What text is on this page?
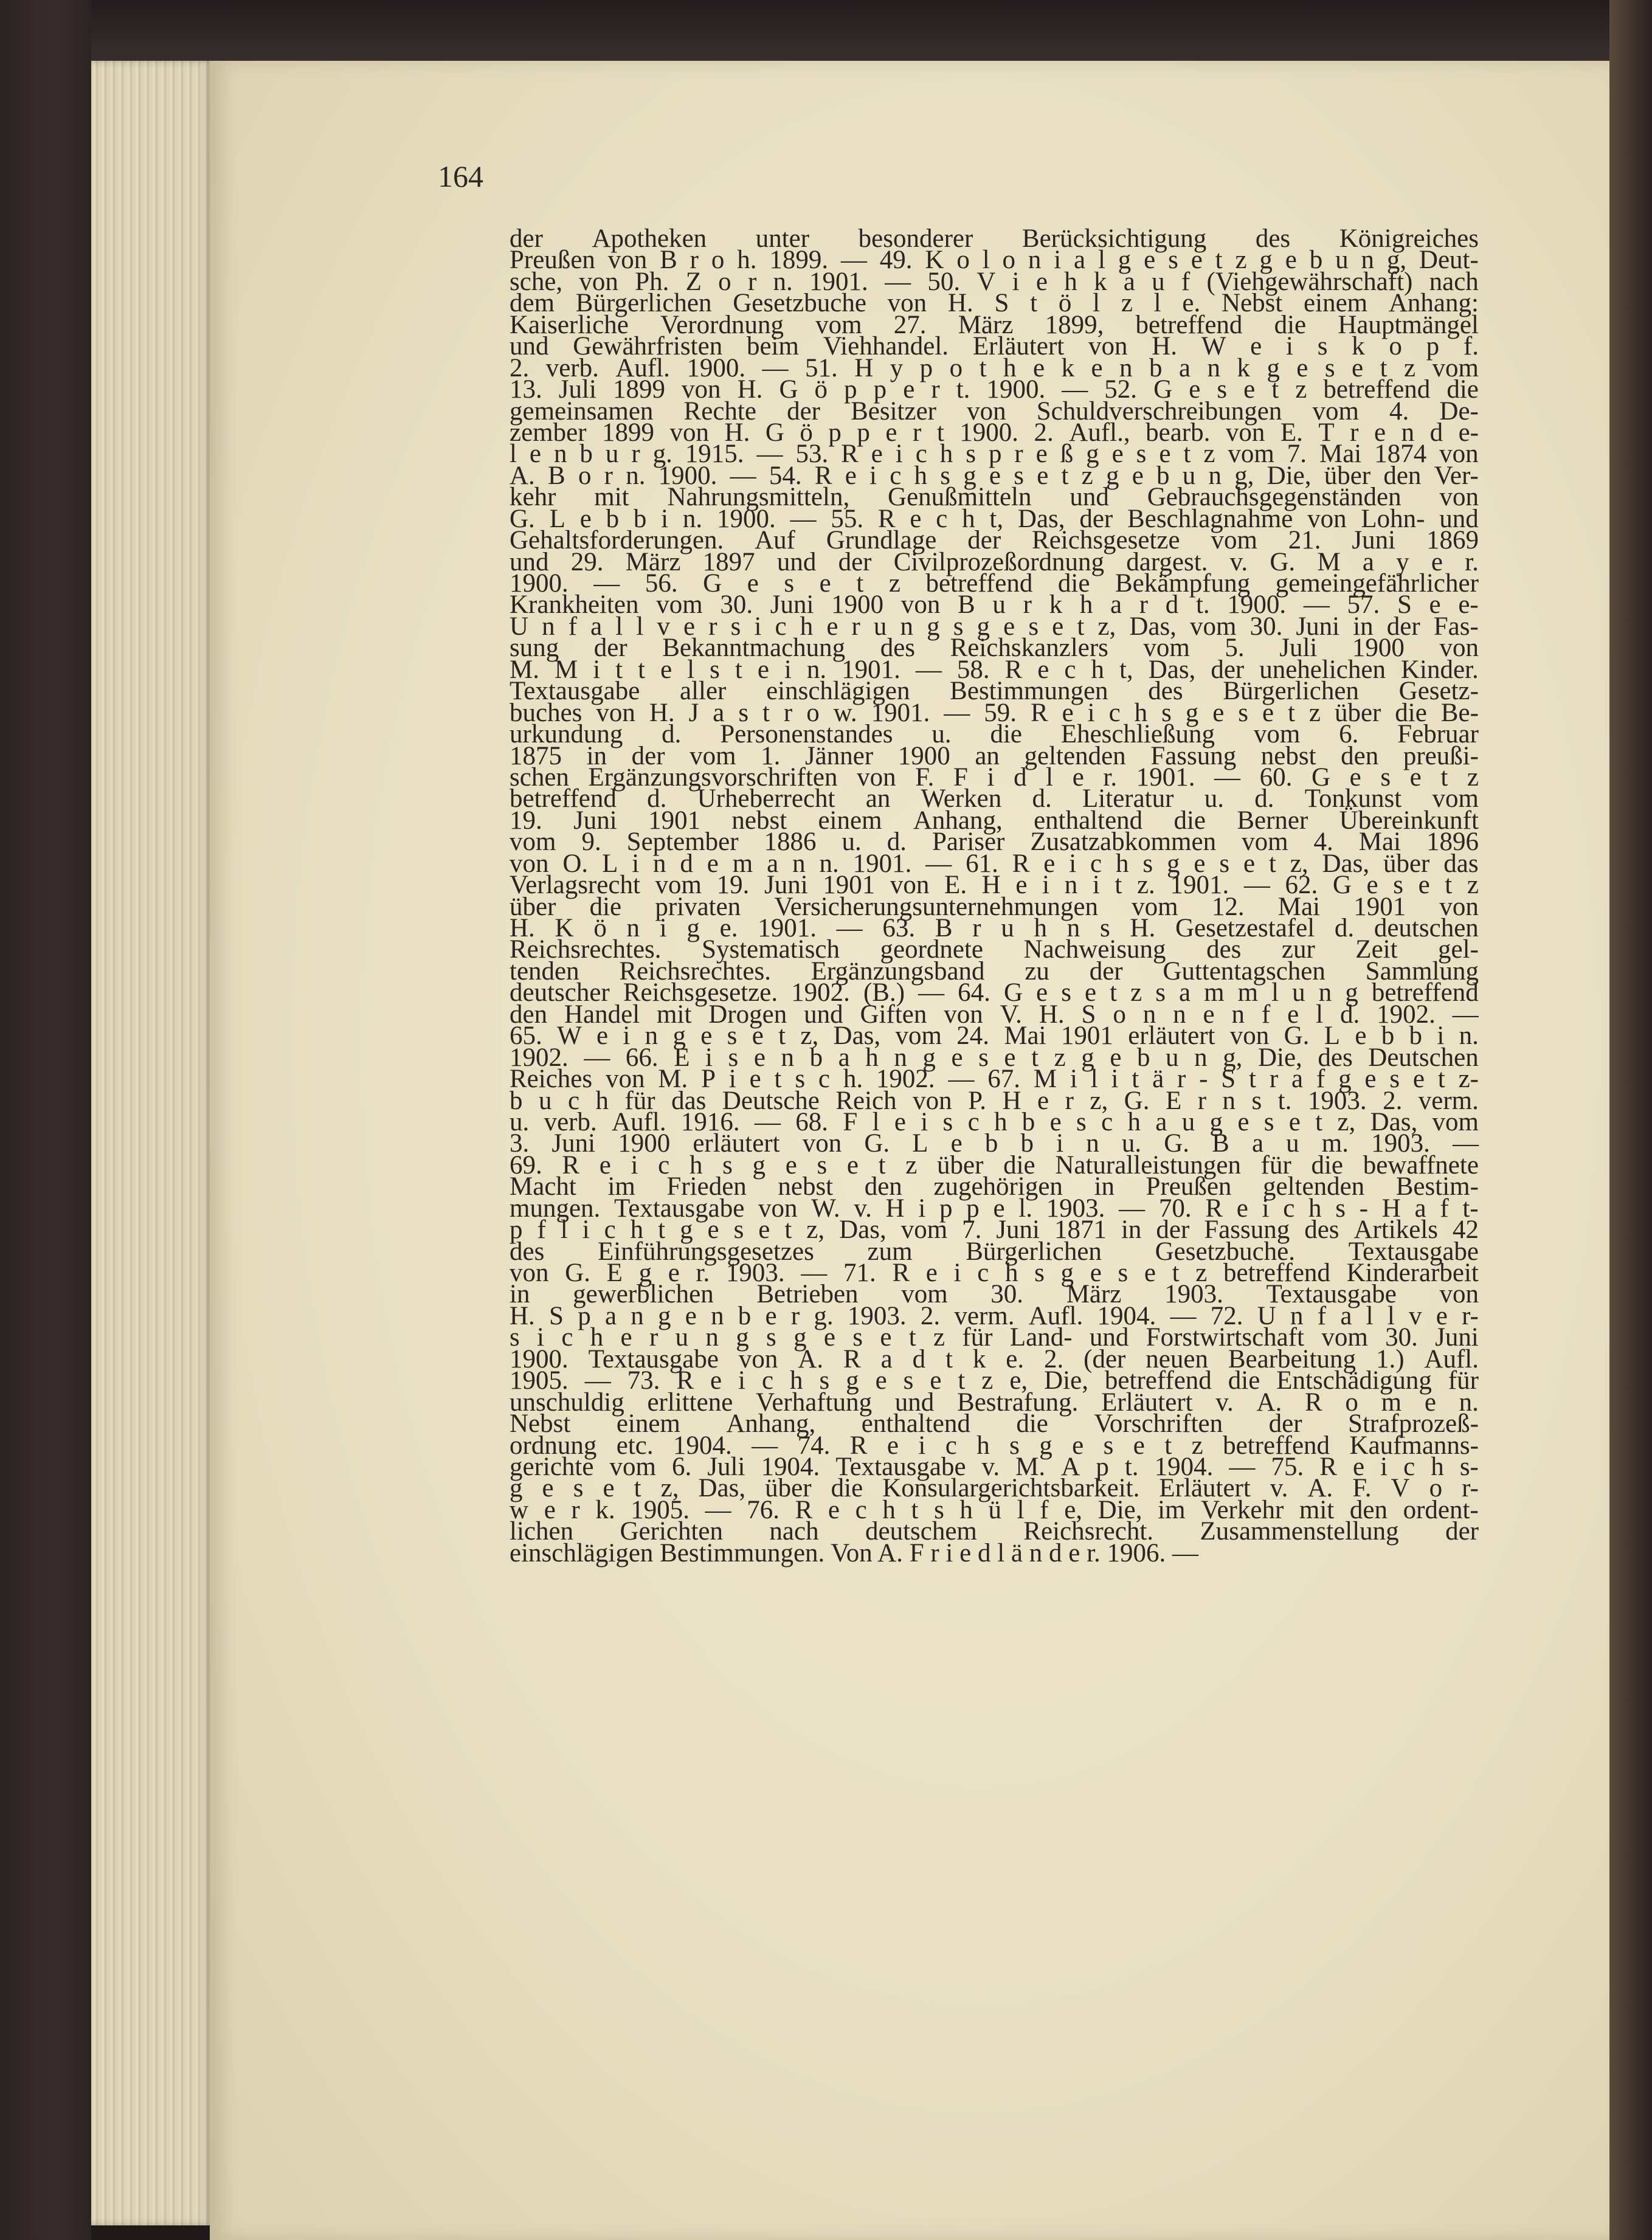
164
der Apotheken unter besonderer Berücksichtigung des Königreiches
Preußen von B r o h. 1899. — 49. K o l o n i a l g e s e t z g e b u n g, Deut-
sche, von Ph. Z o r n. 1901. — 50. V i e h k a u f (Viehgewährschaft) nach
dem Bürgerlichen Gesetzbuche von H. S t ö l z l e. Nebst einem Anhang:
Kaiserliche Verordnung vom 27. März 1899, betreffend die Hauptmängel
und Gewährfristen beim Viehhandel. Erläutert von H. W e i s k o p f.
2. verb. Aufl. 1900. — 51. H y p o t h e k e n b a n k g e s e t z vom
13. Juli 1899 von H. G ö p p e r t. 1900. — 52. G e s e t z betreffend die
gemeinsamen Rechte der Besitzer von Schuldverschreibungen vom 4. De-
zember 1899 von H. G ö p p e r t 1900. 2. Aufl., bearb. von E. T r e n d e-
l e n b u r g. 1915. — 53. R e i c h s p r e ß g e s e t z vom 7. Mai 1874 von
A. B o r n. 1900. — 54. R e i c h s g e s e t z g e b u n g, Die, über den Ver-
kehr mit Nahrungsmitteln, Genußmitteln und Gebrauchsgegenständen von
G. L e b b i n. 1900. — 55. R e c h t, Das, der Beschlagnahme von Lohn- und
Gehaltsforderungen. Auf Grundlage der Reichsgesetze vom 21. Juni 1869
und 29. März 1897 und der Civilprozeßordnung dargest. v. G. M a y e r.
1900. — 56. G e s e t z betreffend die Bekämpfung gemeingefährlicher
Krankheiten vom 30. Juni 1900 von B u r k h a r d t. 1900. — 57. S e e-
U n f a l l v e r s i c h e r u n g s g e s e t z, Das, vom 30. Juni in der Fas-
sung der Bekanntmachung des Reichskanzlers vom 5. Juli 1900 von
M. M i t t e l s t e i n. 1901. — 58. R e c h t, Das, der unehelichen Kinder.
Textausgabe aller einschlägigen Bestimmungen des Bürgerlichen Gesetz-
buches von H. J a s t r o w. 1901. — 59. R e i c h s g e s e t z über die Be-
urkundung d. Personenstandes u. die Eheschließung vom 6. Februar
1875 in der vom 1. Jänner 1900 an geltenden Fassung nebst den preußi-
schen Ergänzungsvorschriften von F. F i d l e r. 1901. — 60. G e s e t z
betreffend d. Urheberrecht an Werken d. Literatur u. d. Tonkunst vom
19. Juni 1901 nebst einem Anhang, enthaltend die Berner Übereinkunft
vom 9. September 1886 u. d. Pariser Zusatzabkommen vom 4. Mai 1896
von O. L i n d e m a n n. 1901. — 61. R e i c h s g e s e t z, Das, über das
Verlagsrecht vom 19. Juni 1901 von E. H e i n i t z. 1901. — 62. G e s e t z
über die privaten Versicherungsunternehmungen vom 12. Mai 1901 von
H. K ö n i g e. 1901. — 63. B r u h n s H. Gesetzestafel d. deutschen
Reichsrechtes. Systematisch geordnete Nachweisung des zur Zeit gel-
tenden Reichsrechtes. Ergänzungsband zu der Guttentagschen Sammlung
deutscher Reichsgesetze. 1902. (B.) — 64. G e s e t z s a m m l u n g betreffend
den Handel mit Drogen und Giften von V. H. S o n n e n f e l d. 1902. —
65. W e i n g e s e t z, Das, vom 24. Mai 1901 erläutert von G. L e b b i n.
1902. — 66. E i s e n b a h n g e s e t z g e b u n g, Die, des Deutschen
Reiches von M. P i e t s c h. 1902. — 67. M i l i t ä r - S t r a f g e s e t z-
b u c h für das Deutsche Reich von P. H e r z, G. E r n s t. 1903. 2. verm.
u. verb. Aufl. 1916. — 68. F l e i s c h b e s c h a u g e s e t z, Das, vom
3. Juni 1900 erläutert von G. L e b b i n u. G. B a u m. 1903. —
69. R e i c h s g e s e t z über die Naturalleistungen für die bewaffnete
Macht im Frieden nebst den zugehörigen in Preußen geltenden Bestim-
mungen. Textausgabe von W. v. H i p p e l. 1903. — 70. R e i c h s - H a f t-
p f l i c h t g e s e t z, Das, vom 7. Juni 1871 in der Fassung des Artikels 42
des Einführungsgesetzes zum Bürgerlichen Gesetzbuche. Textausgabe
von G. E g e r. 1903. — 71. R e i c h s g e s e t z betreffend Kinderarbeit
in gewerblichen Betrieben vom 30. März 1903. Textausgabe von
H. S p a n g e n b e r g. 1903. 2. verm. Aufl. 1904. — 72. U n f a l l v e r-
s i c h e r u n g s g e s e t z für Land- und Forstwirtschaft vom 30. Juni
1900. Textausgabe von A. R a d t k e. 2. (der neuen Bearbeitung 1.) Aufl.
1905. — 73. R e i c h s g e s e t z e, Die, betreffend die Entschädigung für
unschuldig erlittene Verhaftung und Bestrafung. Erläutert v. A. R o m e n.
Nebst einem Anhang, enthaltend die Vorschriften der Strafprozeß-
ordnung etc. 1904. — 74. R e i c h s g e s e t z betreffend Kaufmanns-
gerichte vom 6. Juli 1904. Textausgabe v. M. A p t. 1904. — 75. R e i c h s-
g e s e t z, Das, über die Konsulargerichtsbarkeit. Erläutert v. A. F. V o r-
w e r k. 1905. — 76. R e c h t s h ü l f e, Die, im Verkehr mit den ordent-
lichen Gerichten nach deutschem Reichsrecht. Zusammenstellung der
einschlägigen Bestimmungen. Von A. F r i e d l ä n d e r. 1906. —
